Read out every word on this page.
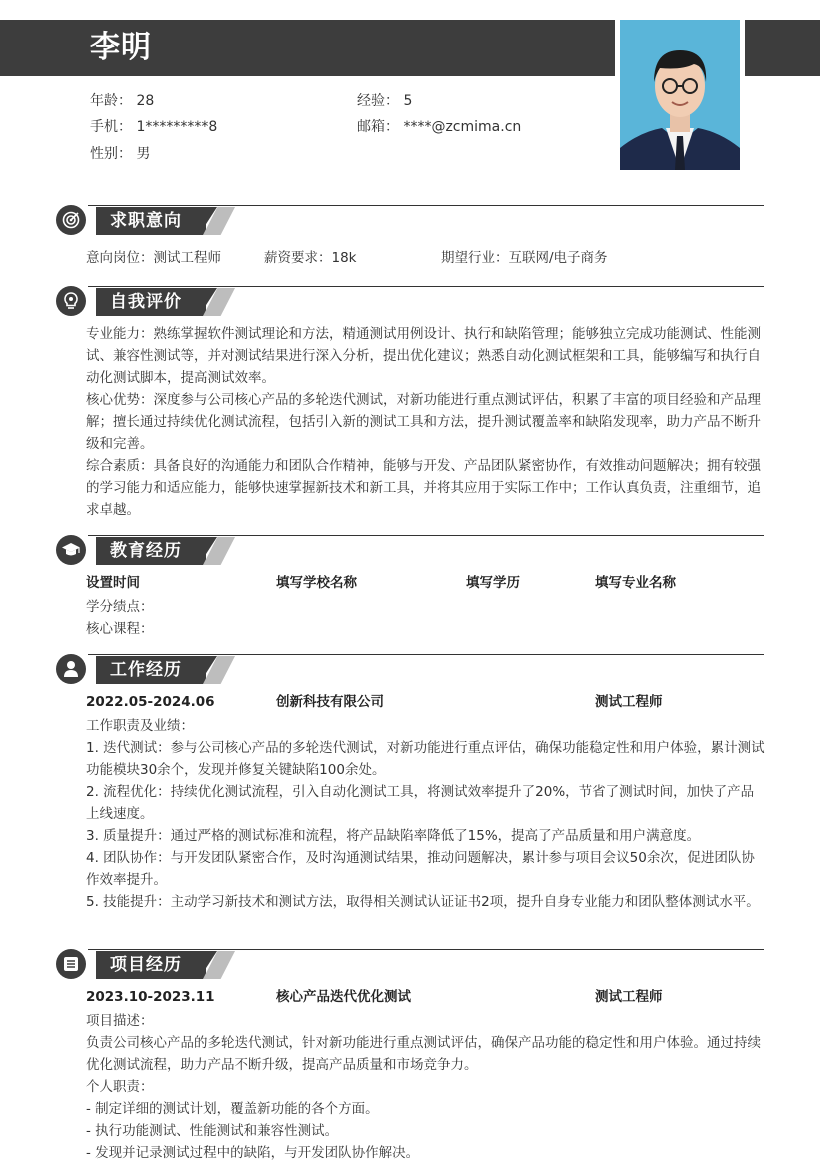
李明
年龄： 28	经验： 5
手机： 1*********8	邮箱： ****@zcmima.cn
性别： 男
求职意向
意向岗位：测试工程师	薪资要求：18k	期望行业：互联网/电子商务
自我评价
专业能力：熟练掌握软件测试理论和方法，精通测试用例设计、执行和缺陷管理；能够独立完成功能测试、性能测试、兼容性测试等，并对测试结果进行深入分析，提出优化建议；熟悉自动化测试框架和工具，能够编写和执行自动化测试脚本，提高测试效率。
核心优势：深度参与公司核心产品的多轮迭代测试，对新功能进行重点测试评估，积累了丰富的项目经验和产品理解；擅长通过持续优化测试流程，包括引入新的测试工具和方法，提升测试覆盖率和缺陷发现率，助力产品不断升级和完善。
综合素质：具备良好的沟通能力和团队合作精神，能够与开发、产品团队紧密协作，有效推动问题解决；拥有较强的学习能力和适应能力，能够快速掌握新技术和新工具，并将其应用于实际工作中；工作认真负责，注重细节，追求卓越。
教育经历
设置时间	填写学校名称	填写学历	填写专业名称
学分绩点：
核心课程：
工作经历
2022.05-2024.06	创新科技有限公司	测试工程师
工作职责及业绩：
1. 迭代测试：参与公司核心产品的多轮迭代测试，对新功能进行重点评估，确保功能稳定性和用户体验，累计测试功能模块30余个，发现并修复关键缺陷100余处。
2. 流程优化：持续优化测试流程，引入自动化测试工具，将测试效率提升了20%，节省了测试时间，加快了产品上线速度。
3. 质量提升：通过严格的测试标准和流程，将产品缺陷率降低了15%，提高了产品质量和用户满意度。
4. 团队协作：与开发团队紧密合作，及时沟通测试结果，推动问题解决，累计参与项目会议50余次，促进团队协作效率提升。
5. 技能提升：主动学习新技术和测试方法，取得相关测试认证证书2项，提升自身专业能力和团队整体测试水平。
项目经历
2023.10-2023.11	核心产品迭代优化测试	测试工程师
项目描述：
负责公司核心产品的多轮迭代测试，针对新功能进行重点测试评估，确保产品功能的稳定性和用户体验。通过持续优化测试流程，助力产品不断升级，提高产品质量和市场竞争力。
个人职责：
- 制定详细的测试计划，覆盖新功能的各个方面。
- 执行功能测试、性能测试和兼容性测试。
- 发现并记录测试过程中的缺陷，与开发团队协作解决。
